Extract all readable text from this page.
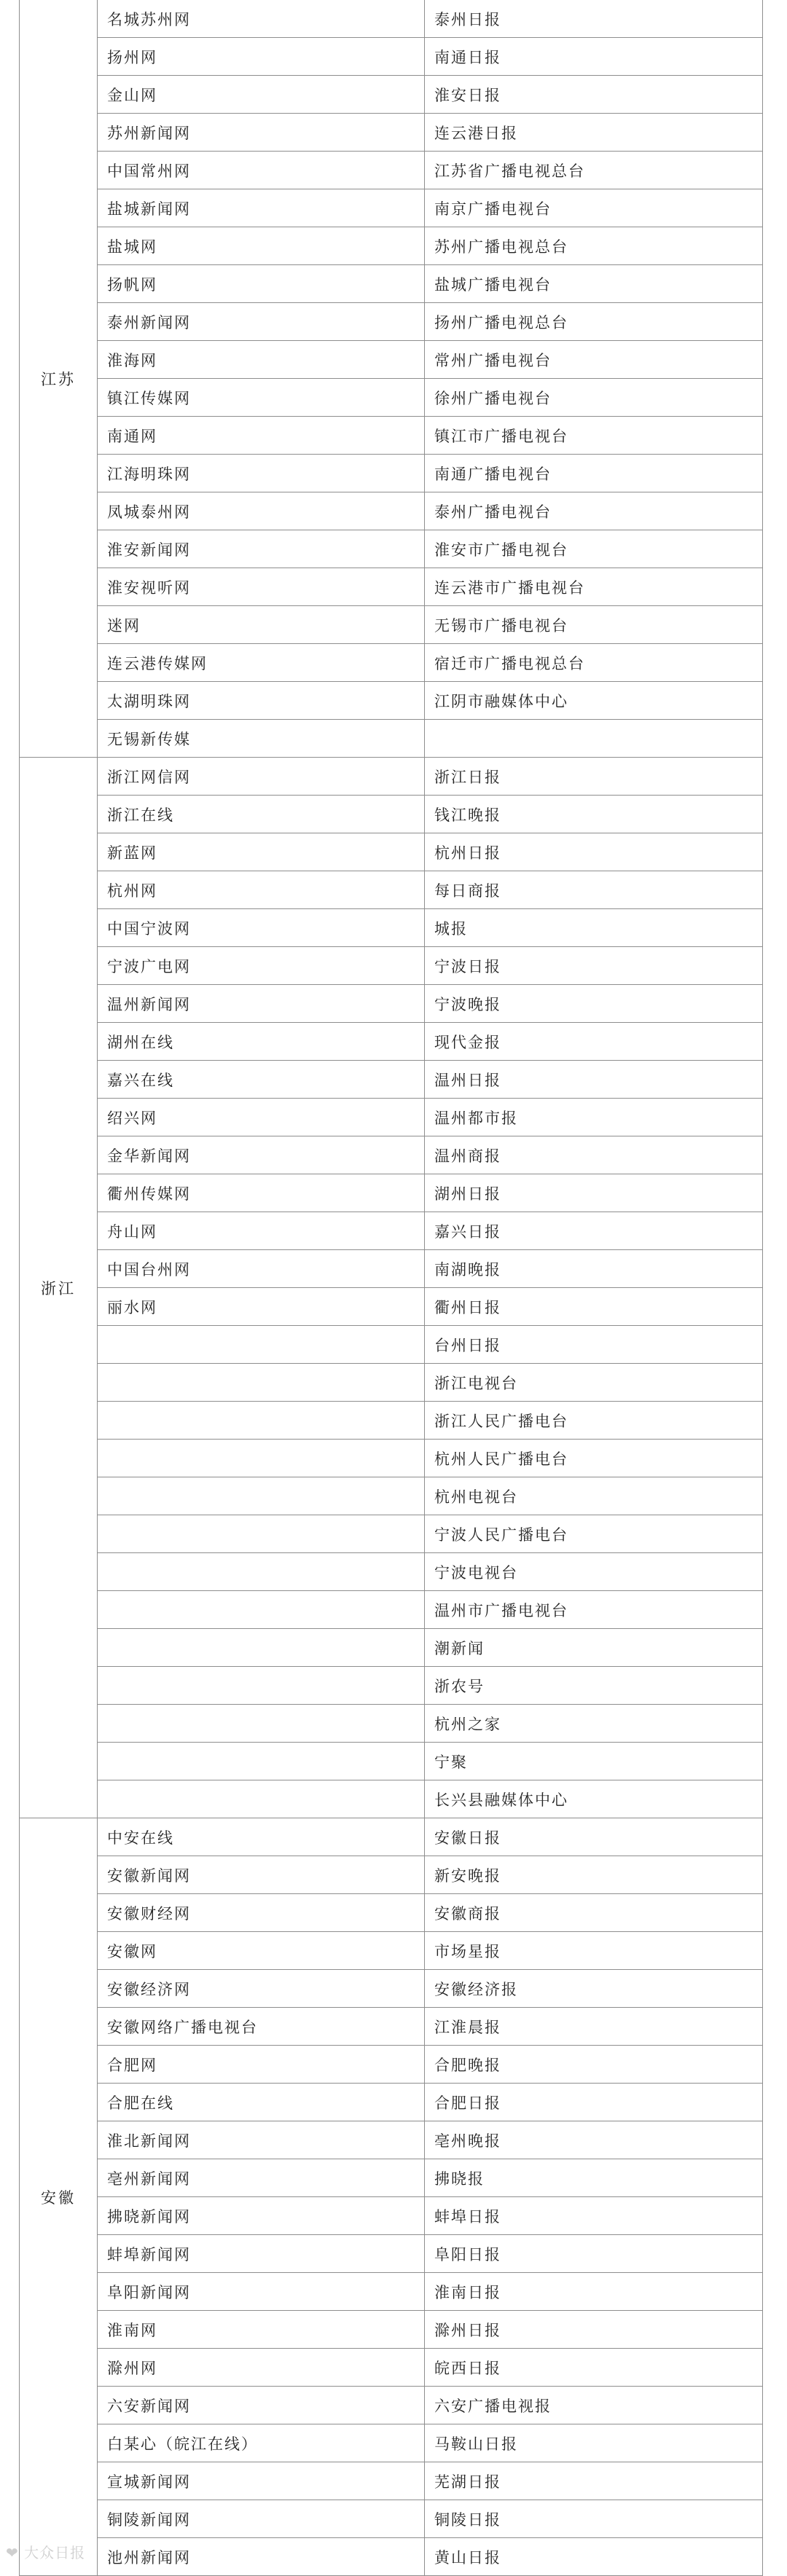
江苏	名城苏州网	泰州日报
	扬州网	南通日报
	金山网	淮安日报
	苏州新闻网	连云港日报
	中国常州网	江苏省广播电视总台
	盐城新闻网	南京广播电视台
	盐城网	苏州广播电视总台
	扬帆网	盐城广播电视台
	泰州新闻网	扬州广播电视总台
	淮海网	常州广播电视台
	镇江传媒网	徐州广播电视台
	南通网	镇江市广播电视台
	江海明珠网	南通广播电视台
	凤城泰州网	泰州广播电视台
	淮安新闻网	淮安市广播电视台
	淮安视听网	连云港市广播电视台
	迷网	无锡市广播电视台
	连云港传媒网	宿迁市广播电视总台
	太湖明珠网	江阴市融媒体中心
	无锡新传媒	
浙江	浙江网信网	浙江日报
	浙江在线	钱江晚报
	新蓝网	杭州日报
	杭州网	每日商报
	中国宁波网	城报
	宁波广电网	宁波日报
	温州新闻网	宁波晚报
	湖州在线	现代金报
	嘉兴在线	温州日报
	绍兴网	温州都市报
	金华新闻网	温州商报
	衢州传媒网	湖州日报
	舟山网	嘉兴日报
	中国台州网	南湖晚报
	丽水网	衢州日报
		台州日报
		浙江电视台
		浙江人民广播电台
		杭州人民广播电台
		杭州电视台
		宁波人民广播电台
		宁波电视台
		温州市广播电视台
		潮新闻
		浙农号
		杭州之家
		宁聚
		长兴县融媒体中心
安徽	中安在线	安徽日报
	安徽新闻网	新安晚报
	安徽财经网	安徽商报
	安徽网	市场星报
	安徽经济网	安徽经济报
	安徽网络广播电视台	江淮晨报
	合肥网	合肥晚报
	合肥在线	合肥日报
	淮北新闻网	亳州晚报
	亳州新闻网	拂晓报
	拂晓新闻网	蚌埠日报
	蚌埠新闻网	阜阳日报
	阜阳新闻网	淮南日报
	淮南网	滁州日报
	滁州网	皖西日报
	六安新闻网	六安广播电视报
	白某心（皖江在线）	马鞍山日报
	宣城新闻网	芜湖日报
	铜陵新闻网	铜陵日报
	池州新闻网	黄山日报
❤ 大众日报
